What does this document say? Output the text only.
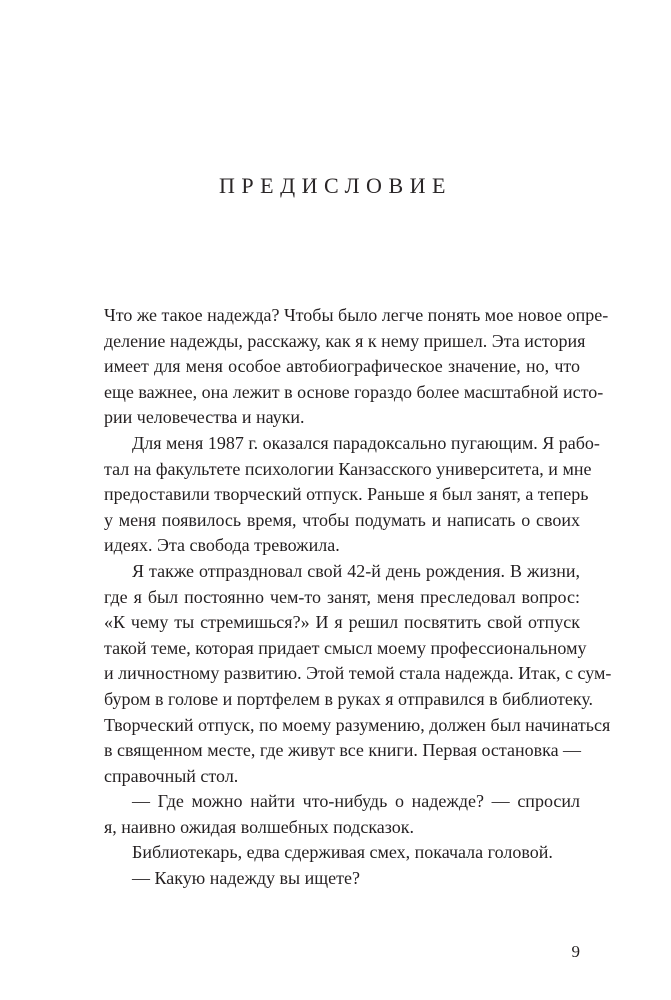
ПРЕДИСЛОВИЕ
Что же такое надежда? Чтобы было легче понять мое новое опре-
деление надежды, расскажу, как я к нему пришел. Эта история
имеет для меня особое автобиографическое значение, но, что
еще важнее, она лежит в основе гораздо более масштабной исто-
рии человечества и науки.
Для меня 1987 г. оказался парадоксально пугающим. Я рабо-
тал на факультете психологии Канзасского университета, и мне
предоставили творческий отпуск. Раньше я был занят, а теперь
у меня появилось время, чтобы подумать и написать о своих
идеях. Эта свобода тревожила.
Я также отпраздновал свой 42-й день рождения. В жизни,
где я был постоянно чем-то занят, меня преследовал вопрос:
«К чему ты стремишься?» И я решил посвятить свой отпуск
такой теме, которая придает смысл моему профессиональному
и личностному развитию. Этой темой стала надежда. Итак, с сум-
буром в голове и портфелем в руках я отправился в библиотеку.
Творческий отпуск, по моему разумению, должен был начинаться
в священном месте, где живут все книги. Первая остановка —
справочный стол.
— Где можно найти что-нибудь о надежде? — спросил
я, наивно ожидая волшебных подсказок.
Библиотекарь, едва сдерживая смех, покачала головой.
— Какую надежду вы ищете?
9
